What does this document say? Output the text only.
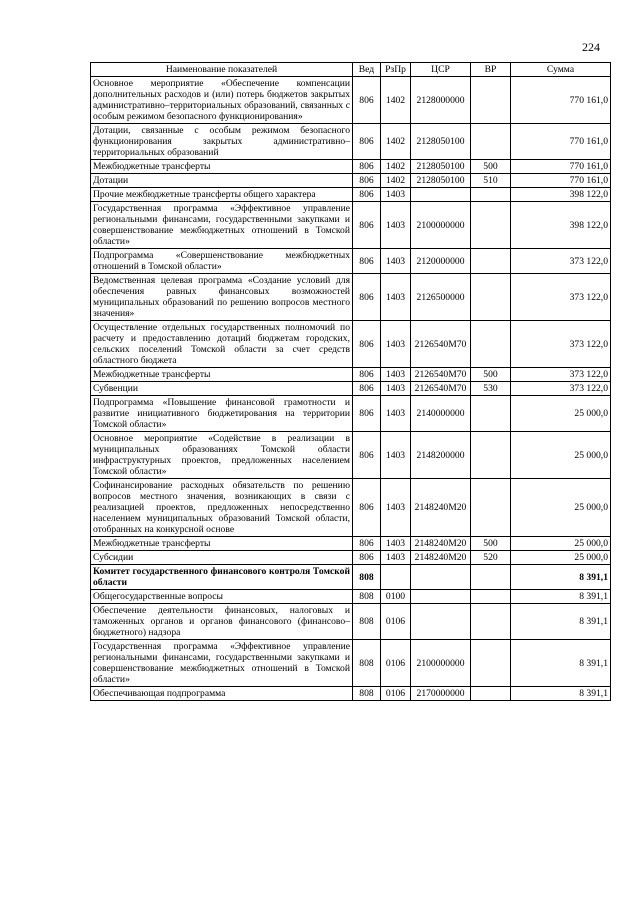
224
Наименование показателей	Вед	РзПр	ЦСР	ВР	Сумма
Основное мероприятие «Обеспечение компенсации дополнительных расходов и (или) потерь бюджетов закрытых административно–территориальных образований, связанных с особым режимом безопасного функционирования»	806	1402	2128000000		770 161,0
Дотации, связанные с особым режимом безопасного функционирования закрытых административно–территориальных образований	806	1402	2128050100		770 161,0
Межбюджетные трансферты	806	1402	2128050100	500	770 161,0
Дотации	806	1402	2128050100	510	770 161,0
Прочие межбюджетные трансферты общего характера	806	1403			398 122,0
Государственная программа «Эффективное управление региональными финансами, государственными закупками и совершенствование межбюджетных отношений в Томской области»	806	1403	2100000000		398 122,0
Подпрограмма «Совершенствование межбюджетных отношений в Томской области»	806	1403	2120000000		373 122,0
Ведомственная целевая программа «Создание условий для обеспечения равных финансовых возможностей муниципальных образований по решению вопросов местного значения»	806	1403	2126500000		373 122,0
Осуществление отдельных государственных полномочий по расчету и предоставлению дотаций бюджетам городских, сельских поселений Томской области за счет средств областного бюджета	806	1403	2126540M70		373 122,0
Межбюджетные трансферты	806	1403	2126540M70	500	373 122,0
Субвенции	806	1403	2126540M70	530	373 122,0
Подпрограмма «Повышение финансовой грамотности и развитие инициативного бюджетирования на территории Томской области»	806	1403	2140000000		25 000,0
Основное мероприятие «Содействие в реализации в муниципальных образованиях Томской области инфраструктурных проектов, предложенных населением Томской области»	806	1403	2148200000		25 000,0
Софинансирование расходных обязательств по решению вопросов местного значения, возникающих в связи с реализацией проектов, предложенных непосредственно населением муниципальных образований Томской области, отобранных на конкурсной основе	806	1403	2148240M20		25 000,0
Межбюджетные трансферты	806	1403	2148240M20	500	25 000,0
Субсидии	806	1403	2148240M20	520	25 000,0
Комитет государственного финансового контроля Томской области	808				8 391,1
Общегосударственные вопросы	808	0100			8 391,1
Обеспечение деятельности финансовых, налоговых и таможенных органов и органов финансового (финансово–бюджетного) надзора	808	0106			8 391,1
Государственная программа «Эффективное управление региональными финансами, государственными закупками и совершенствование межбюджетных отношений в Томской области»	808	0106	2100000000		8 391,1
Обеспечивающая подпрограмма	808	0106	2170000000		8 391,1
